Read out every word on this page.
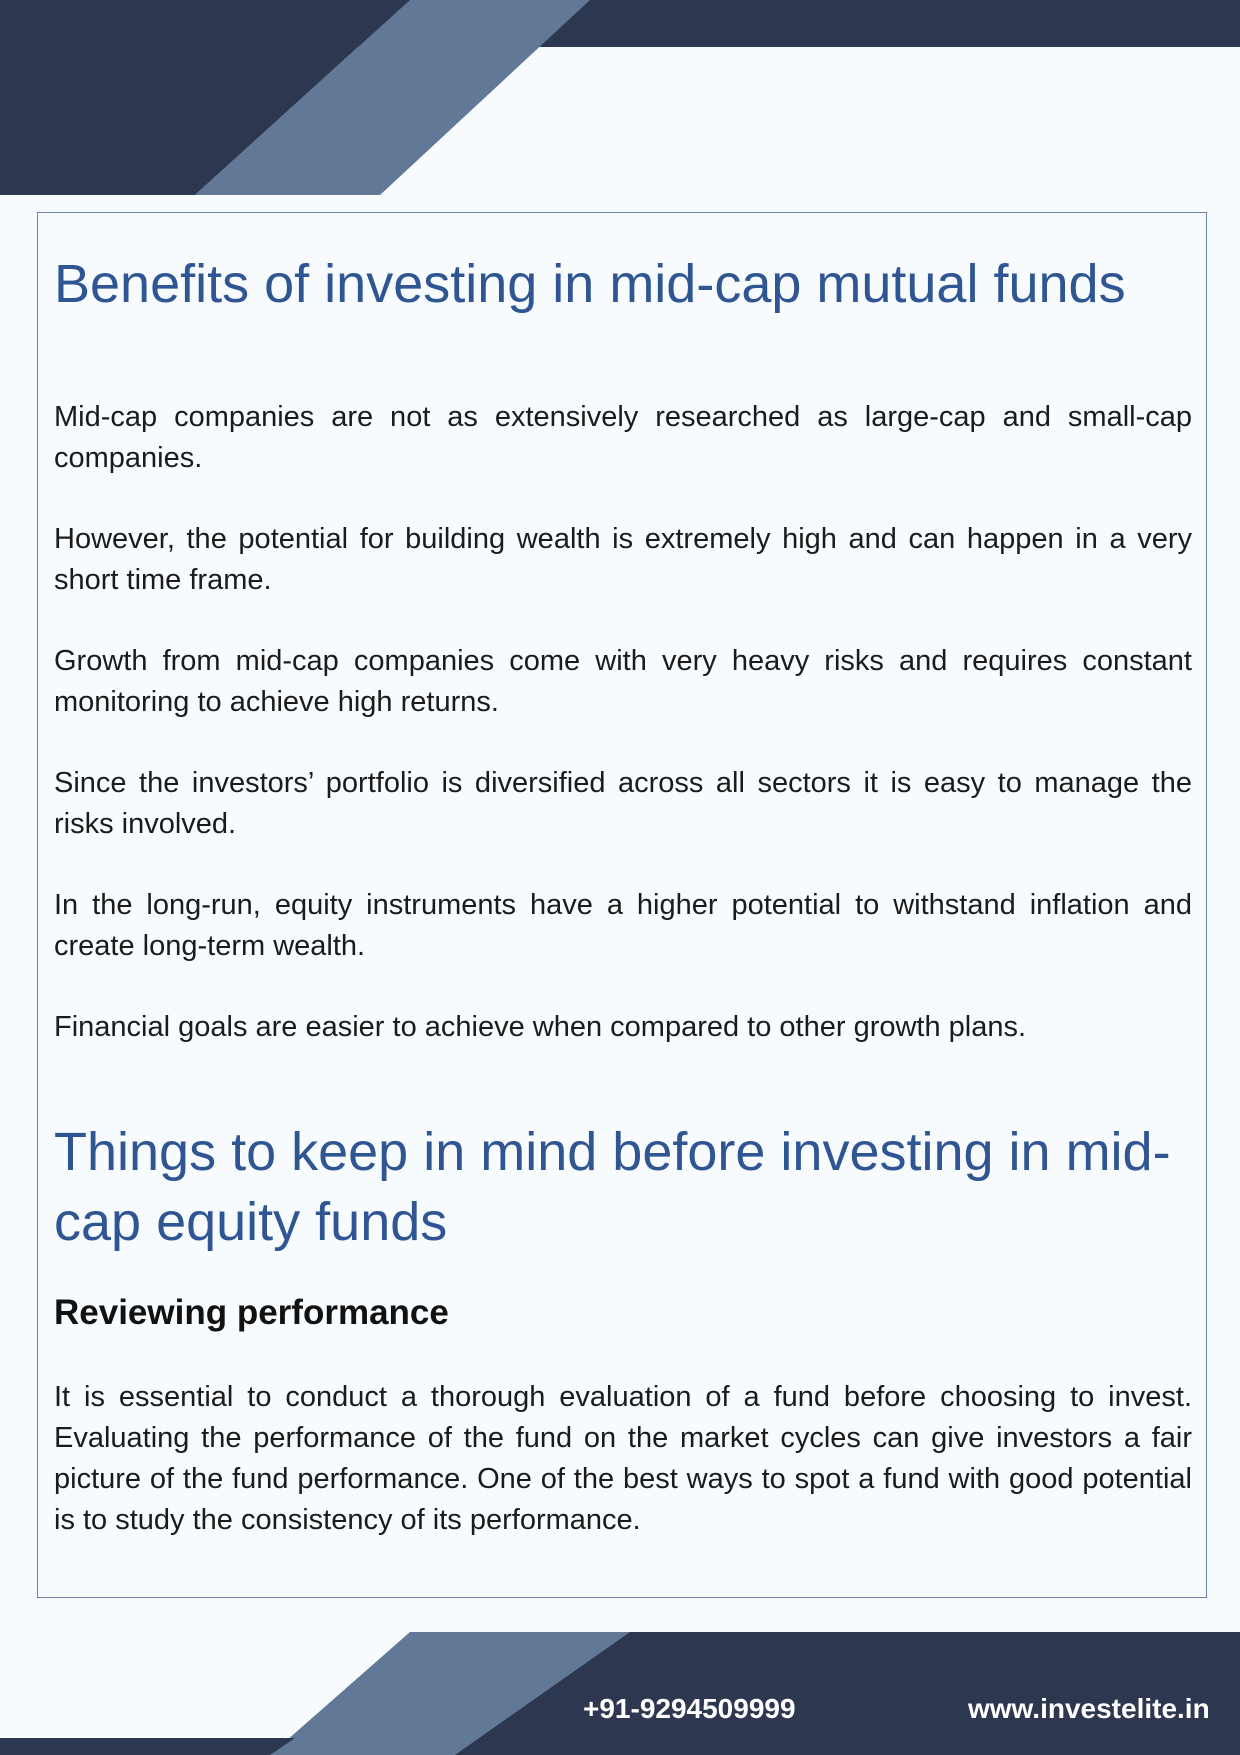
Benefits of investing in mid-cap mutual funds

Mid-cap companies are not as extensively researched as large-cap and small-cap companies.

However, the potential for building wealth is extremely high and can happen in a very short time frame.

Growth from mid-cap companies come with very heavy risks and requires constant monitoring to achieve high returns.

Since the investors’ portfolio is diversified across all sectors it is easy to manage the risks involved.

In the long-run, equity instruments have a higher potential to withstand inflation and create long-term wealth.

Financial goals are easier to achieve when compared to other growth plans.

Things to keep in mind before investing in mid-cap equity funds
Reviewing performance

It is essential to conduct a thorough evaluation of a fund before choosing to invest. Evaluating the performance of the fund on the market cycles can give investors a fair picture of the fund performance. One of the best ways to spot a fund with good potential is to study the consistency of its performance.

+91-9294509999	www.investelite.in
